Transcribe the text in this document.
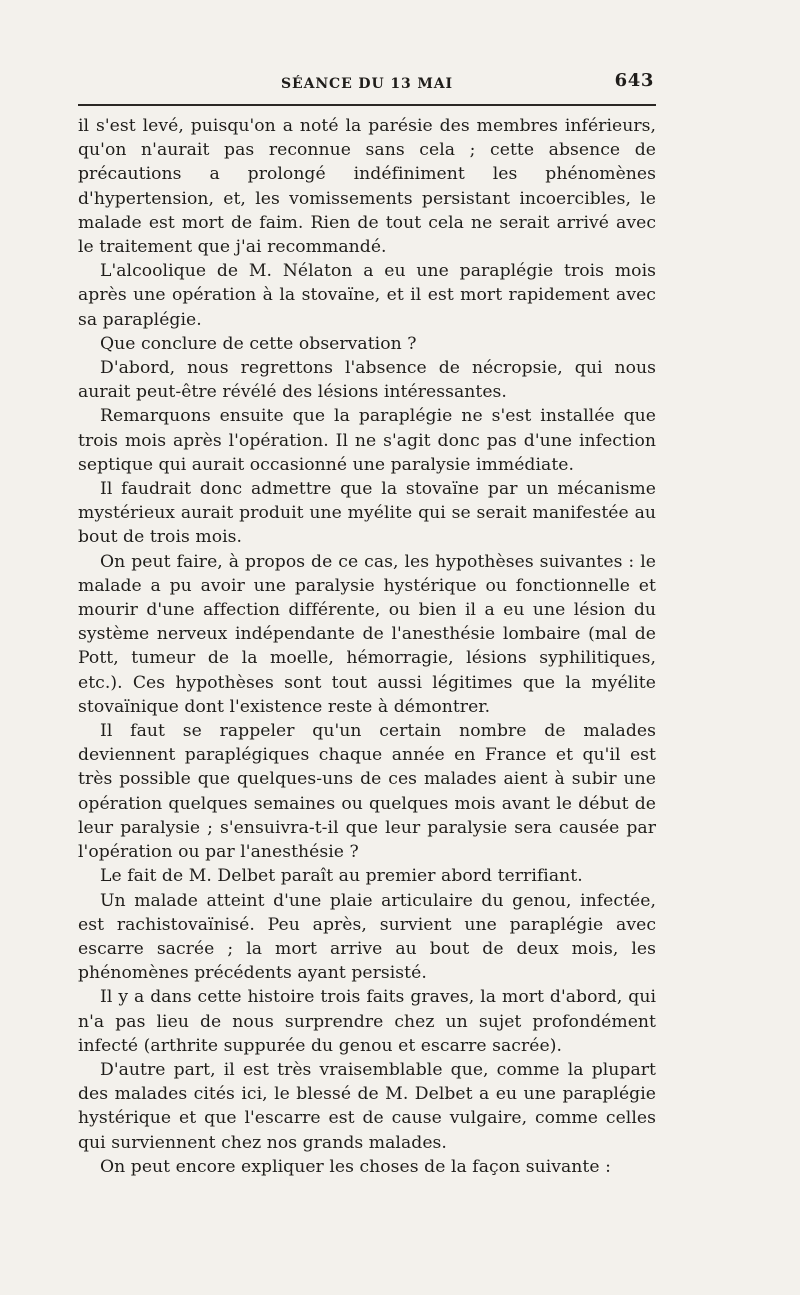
SÉANCE DU 13 MAI	643

il s'est levé, puisqu'on a noté la parésie des membres inférieurs, qu'on n'aurait pas reconnue sans cela ; cette absence de précautions a prolongé indéfiniment les phénomènes d'hypertension, et, les vomissements persistant incoercibles, le malade est mort de faim. Rien de tout cela ne serait arrivé avec le traitement que j'ai recommandé.

L'alcoolique de M. Nélaton a eu une paraplégie trois mois après une opération à la stovaïne, et il est mort rapidement avec sa paraplégie.

Que conclure de cette observation ?

D'abord, nous regrettons l'absence de nécropsie, qui nous aurait peut-être révélé des lésions intéressantes.

Remarquons ensuite que la paraplégie ne s'est installée que trois mois après l'opération. Il ne s'agit donc pas d'une infection septique qui aurait occasionné une paralysie immédiate.

Il faudrait donc admettre que la stovaïne par un mécanisme mystérieux aurait produit une myélite qui se serait manifestée au bout de trois mois.

On peut faire, à propos de ce cas, les hypothèses suivantes : le malade a pu avoir une paralysie hystérique ou fonctionnelle et mourir d'une affection différente, ou bien il a eu une lésion du système nerveux indépendante de l'anesthésie lombaire (mal de Pott, tumeur de la moelle, hémorragie, lésions syphilitiques, etc.). Ces hypothèses sont tout aussi légitimes que la myélite stovaïnique dont l'existence reste à démontrer.

Il faut se rappeler qu'un certain nombre de malades deviennent paraplégiques chaque année en France et qu'il est très possible que quelques-uns de ces malades aient à subir une opération quelques semaines ou quelques mois avant le début de leur paralysie ; s'ensuivra-t-il que leur paralysie sera causée par l'opération ou par l'anesthésie ?

Le fait de M. Delbet paraît au premier abord terrifiant.

Un malade atteint d'une plaie articulaire du genou, infectée, est rachistovaïnisé. Peu après, survient une paraplégie avec escarre sacrée ; la mort arrive au bout de deux mois, les phénomènes précédents ayant persisté.

Il y a dans cette histoire trois faits graves, la mort d'abord, qui n'a pas lieu de nous surprendre chez un sujet profondément infecté (arthrite suppurée du genou et escarre sacrée).

D'autre part, il est très vraisemblable que, comme la plupart des malades cités ici, le blessé de M. Delbet a eu une paraplégie hystérique et que l'escarre est de cause vulgaire, comme celles qui surviennent chez nos grands malades.

On peut encore expliquer les choses de la façon suivante :
